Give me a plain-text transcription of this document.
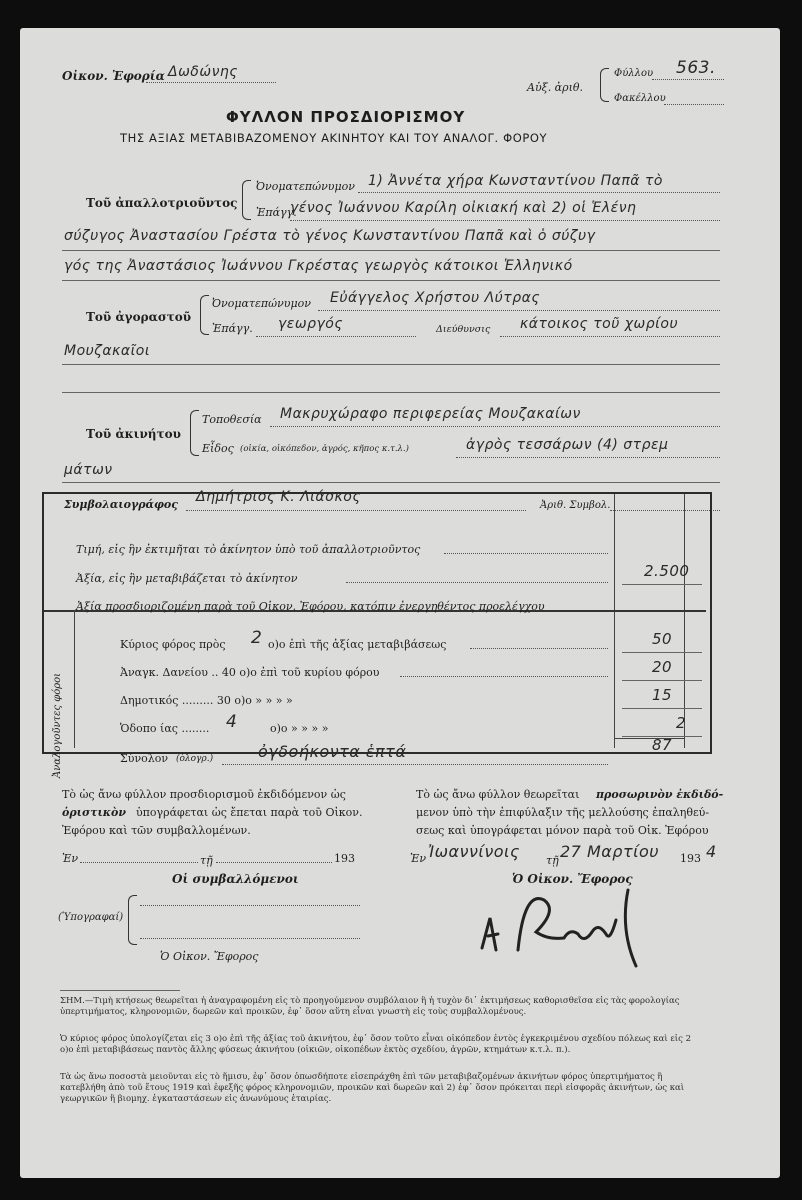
Οἰκον. Ἐφορία Δωδώνης
Αὐξ. ἀριθ.
Φύλλου 563.
Φακέλλου
ΦΥΛΛΟΝ ΠΡΟΣΔΙΟΡΙΣΜΟΥ
ΤΗΣ ΑΞΙΑΣ ΜΕΤΑΒΙΒΑΖΟΜΕΝΟΥ ΑΚΙΝΗΤΟΥ ΚΑΙ ΤΟΥ ΑΝΑΛΟΓ. ΦΟΡΟΥ
Τοῦ ἀπαλλοτριοῦντος
Ὀνοματεπώνυμον 1) Ἀννέτα χήρα Κωνσταντίνου Παπᾶ τὸ
Ἐπάγγ.
γένος Ἰωάννου Καρίλη οἰκιακή καὶ 2) οἱ Ἑλένη
σύζυγος Ἀναστασίου Γρέστα τὸ γένος Κωνσταντίνου Παπᾶ καὶ ὁ σύζυγ
γός της Ἀναστάσιος Ἰωάννου Γκρέστας γεωργὸς κάτοικοι Ἑλληνικό
Τοῦ ἀγοραστοῦ
Ὀνοματεπώνυμον Εὐάγγελος Χρήστου Λύτρας
Ἐπάγγ. γεωργός	Διεύθυνσις κάτοικος τοῦ χωρίου
Μουζακαῖοι
Τοῦ ἀκινήτου
Τοποθεσία Μακρυχώραφο περιφερείας Μουζακαίων
Εἶδος (οἰκία, οἰκόπεδον, ἀγρός, κῆπος κ.τ.λ.)	ἀγρὸς τεσσάρων (4) στρεμ
μάτων
Συμβολαιογράφος Δημήτριος Κ. Λιάσκος
Ἀριθ. Συμβολ.
Τιμή, εἰς ἣν ἐκτιμῆται τὸ ἀκίνητον ὑπὸ τοῦ ἀπαλλοτριοῦντος
Ἀξία, εἰς ἣν μεταβιβάζεται τὸ ἀκίνητον	2.500
Ἀξία προσδιοριζομένη παρὰ τοῦ Οἰκον. Ἐφόρου, κατόπιν ἐνεργηθέντος προελέγχου
Ἀναλογοῦντες φόροι
Κύριος φόρος πρὸς 2 ο)ο ἐπὶ τῆς ἀξίας μεταβιβάσεως	50
Ἀναγκ. Δανείου .. 40 ο)ο ἐπὶ τοῦ κυρίου φόρου	20
Δημοτικός ......... 30 ο)ο » » » »	15
Ὁδοπο ίας ........ 4	ο)ο » » » »	2
Σύνολον (ὁλογρ.)	ὀγδοήκοντα ἑπτά	87
Τὸ ὡς ἄνω φύλλον προσδιορισμοῦ ἐκδιδόμενον ὡς
ὁριστικὸν ὑπογράφεται ὡς ἔπεται παρὰ τοῦ Οἰκον.
Ἐφόρου καὶ τῶν συμβαλλομένων.
Ἐν	τῇ	193
Οἱ συμβαλλόμενοι
(Ὑπογραφαί)
Ὁ Οἰκον. Ἔφορος
Τὸ ὡς ἄνω φύλλον θεωρεῖται προσωρινὸν ἐκδιδό-
μενον ὑπὸ τὴν ἐπιφύλαξιν τῆς μελλούσης ἐπαληθεύ-
σεως καὶ ὑπογράφεται μόνον παρὰ τοῦ Οἰκ. Ἐφόρου
Ἐν Ἰωαννίνοις τῇ 27 Μαρτίου 193 4
Ὁ Οἰκον. Ἔφορος
ΣΗΜ.—Τιμὴ κτήσεως θεωρεῖται ἡ ἀναγραφομένη εἰς τὸ προηγούμενον συμβόλαιον ἢ ἡ τυχὸν δι᾽ ἐκτιμήσεως καθορισθεῖσα εἰς τὰς φορολογίας ὑπερτιμήματος, κληρονομιῶν, δωρεῶν καὶ προικῶν, ἐφ᾽ ὅσον αὕτη εἶναι γνωστὴ εἰς τοὺς συμβαλλομένους.
Ὁ κύριος φόρος ὑπολογίζεται εἰς 3 ο)ο ἐπὶ τῆς ἀξίας τοῦ ἀκινήτου, ἐφ᾽ ὅσον τοῦτο εἶναι οἰκόπεδον ἐντὸς ἐγκεκριμένου σχεδίου πόλεως καὶ εἰς 2 ο)ο ἐπὶ μεταβιβάσεως παντὸς ἄλλης φύσεως ἀκινήτου (οἰκιῶν, οἰκοπέδων ἐκτὸς σχεδίου, ἀγρῶν, κτημάτων κ.τ.λ. π.).
Τὰ ὡς ἄνω ποσοστὰ μειοῦνται εἰς τὸ ἥμισυ, ἐφ᾽ ὅσον ὁπωσδήποτε εἰσεπράχθη ἐπὶ τῶν μεταβιβαζομένων ἀκινήτων φόρος ὑπερτιμήματος ἢ κατεβλήθη ἀπὸ τοῦ ἔτους 1919 καὶ ἐφεξῆς φόρος κληρονομιῶν, προικῶν καὶ δωρεῶν καὶ 2) ἐφ᾽ ὅσον πρόκειται περὶ εἰσφορᾶς ἀκινήτων, ὡς καὶ γεωργικῶν ἢ βιομηχ. ἐγκαταστάσεων εἰς ἀνωνύμους ἑταιρίας.
